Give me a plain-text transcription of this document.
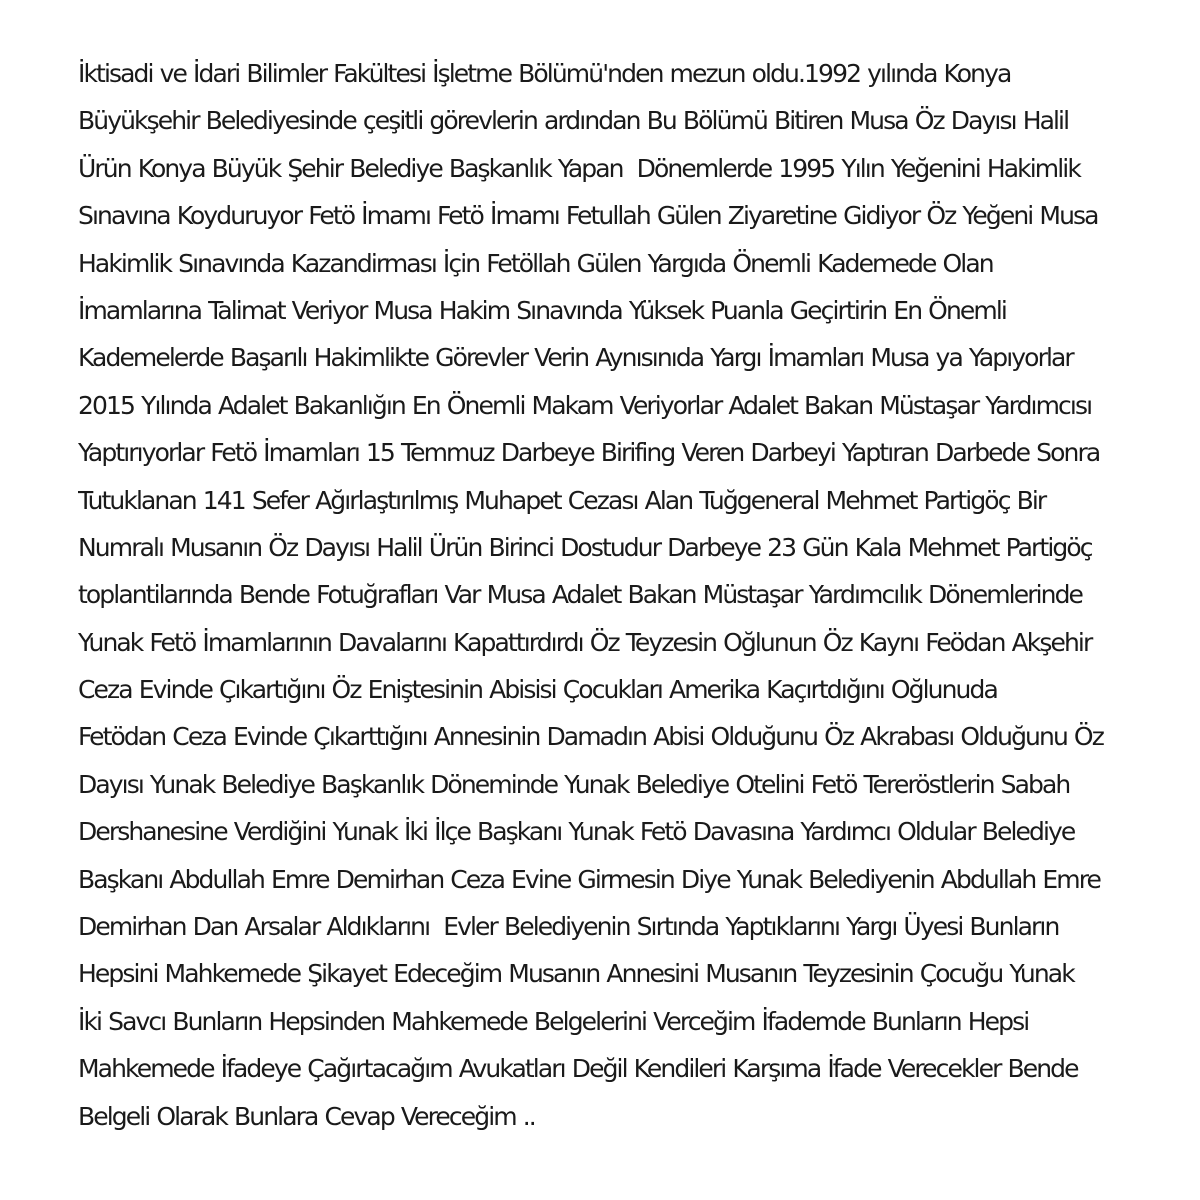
İktisadi ve İdari Bilimler Fakültesi İşletme Bölümü'nden mezun oldu.1992 yılında Konya
Büyükşehir Belediyesinde çeşitli görevlerin ardından Bu Bölümü Bitiren Musa Öz Dayısı Halil
Ürün Konya Büyük Şehir Belediye Başkanlık Yapan  Dönemlerde 1995 Yılın Yeğenini Hakimlik
Sınavına Koyduruyor Fetö İmamı Fetö İmamı Fetullah Gülen Ziyaretine Gidiyor Öz Yeğeni Musa
Hakimlik Sınavında Kazandirması İçin Fetöllah Gülen Yargıda Önemli Kademede Olan
İmamlarına Talimat Veriyor Musa Hakim Sınavında Yüksek Puanla Geçirtirin En Önemli
Kademelerde Başarılı Hakimlikte Görevler Verin Aynısınıda Yargı İmamları Musa ya Yapıyorlar
2015 Yılında Adalet Bakanlığın En Önemli Makam Veriyorlar Adalet Bakan Müstaşar Yardımcısı
Yaptırıyorlar Fetö İmamları 15 Temmuz Darbeye Birifing Veren Darbeyi Yaptıran Darbede Sonra
Tutuklanan 141 Sefer Ağırlaştırılmış Muhapet Cezası Alan Tuğgeneral Mehmet Partigöç Bir
Numralı Musanın Öz Dayısı Halil Ürün Birinci Dostudur Darbeye 23 Gün Kala Mehmet Partigöç
toplantilarında Bende Fotuğrafları Var Musa Adalet Bakan Müstaşar Yardımcılık Dönemlerinde
Yunak Fetö İmamlarının Davalarını Kapattırdırdı Öz Teyzesin Oğlunun Öz Kaynı Feödan Akşehir
Ceza Evinde Çıkartığını Öz Eniştesinin Abisisi Çocukları Amerika Kaçırtdığını Oğlunuda
Fetödan Ceza Evinde Çıkarttığını Annesinin Damadın Abisi Olduğunu Öz Akrabası Olduğunu Öz
Dayısı Yunak Belediye Başkanlık Döneminde Yunak Belediye Otelini Fetö Tereröstlerin Sabah
Dershanesine Verdiğini Yunak İki İlçe Başkanı Yunak Fetö Davasına Yardımcı Oldular Belediye
Başkanı Abdullah Emre Demirhan Ceza Evine Girmesin Diye Yunak Belediyenin Abdullah Emre
Demirhan Dan Arsalar Aldıklarını  Evler Belediyenin Sırtında Yaptıklarını Yargı Üyesi Bunların
Hepsini Mahkemede Şikayet Edeceğim Musanın Annesini Musanın Teyzesinin Çocuğu Yunak
İki Savcı Bunların Hepsinden Mahkemede Belgelerini Verceğim İfademde Bunların Hepsi
Mahkemede İfadeye Çağırtacağım Avukatları Değil Kendileri Karşıma İfade Verecekler Bende
Belgeli Olarak Bunlara Cevap Vereceğim ..
